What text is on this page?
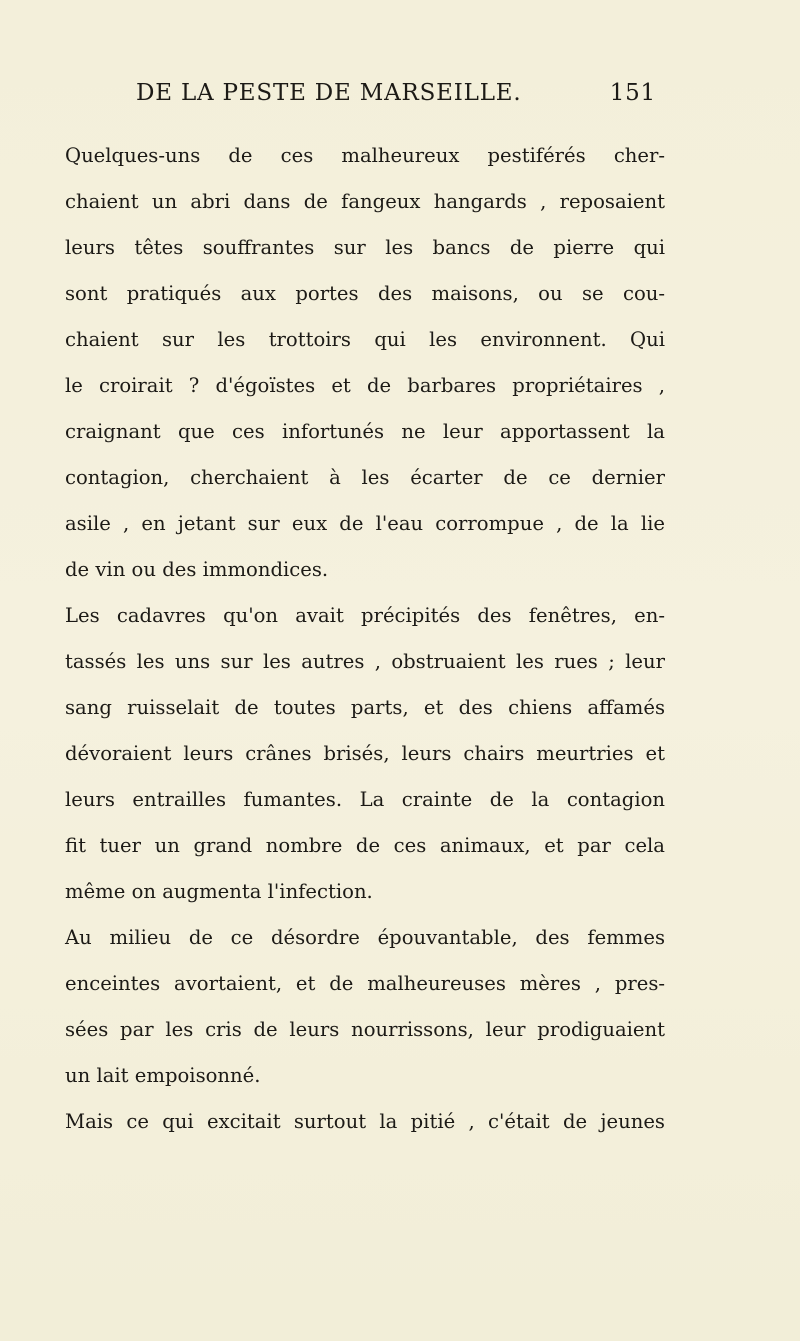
DE LA PESTE DE MARSEILLE.	151
Quelques-uns de ces malheureux pestiférés cher-
chaient un abri dans de fangeux hangards , reposaient
leurs têtes souffrantes sur les bancs de pierre qui
sont pratiqués aux portes des maisons, ou se cou-
chaient sur les trottoirs qui les environnent. Qui
le croirait ? d'égoïstes et de barbares propriétaires ,
craignant que ces infortunés ne leur apportassent la
contagion, cherchaient à les écarter de ce dernier
asile , en jetant sur eux de l'eau corrompue , de la lie
de vin ou des immondices.
Les cadavres qu'on avait précipités des fenêtres, en-
tassés les uns sur les autres , obstruaient les rues ; leur
sang ruisselait de toutes parts, et des chiens affamés
dévoraient leurs crânes brisés, leurs chairs meurtries et
leurs entrailles fumantes. La crainte de la contagion
fit tuer un grand nombre de ces animaux, et par cela
même on augmenta l'infection.
Au milieu de ce désordre épouvantable, des femmes
enceintes avortaient, et de malheureuses mères , pres-
sées par les cris de leurs nourrissons, leur prodiguaient
un lait empoisonné.
Mais ce qui excitait surtout la pitié , c'était de jeunes
